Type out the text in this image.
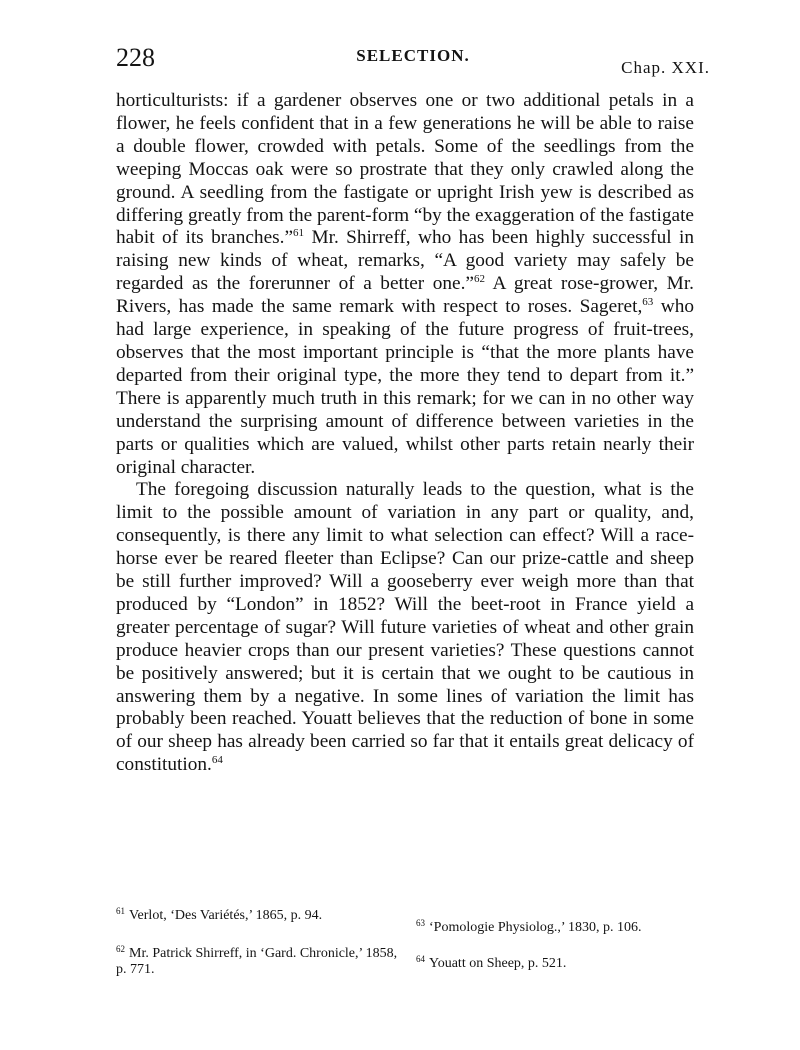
228	SELECTION.
Chap. XXI.

horticulturists: if a gardener observes one or two additional petals in a flower, he feels confident that in a few generations he will be able to raise a double flower, crowded with petals. Some of the seedlings from the weeping Moccas oak were so prostrate that they only crawled along the ground. A seedling from the fastigate or upright Irish yew is described as differing greatly from the parent-form “by the exaggeration of the fastigate habit of its branches.”$^{61}$ Mr. Shirreff, who has been highly successful in raising new kinds of wheat, remarks, “A good variety may safely be regarded as the forerunner of a better one.”$^{62}$ A great rose-grower, Mr. Rivers, has made the same remark with respect to roses. Sageret,$^{63}$ who had large experience, in speaking of the future progress of fruit-trees, observes that the most important principle is “that the more plants have departed from their original type, the more they tend to depart from it.” There is apparently much truth in this remark; for we can in no other way understand the surprising amount of difference between varieties in the parts or qualities which are valued, whilst other parts retain nearly their original character.

The foregoing discussion naturally leads to the question, what is the limit to the possible amount of variation in any part or quality, and, consequently, is there any limit to what selection can effect? Will a race-horse ever be reared fleeter than Eclipse? Can our prize-cattle and sheep be still further improved? Will a gooseberry ever weigh more than that produced by “London” in 1852? Will the beet-root in France yield a greater percentage of sugar? Will future varieties of wheat and other grain produce heavier crops than our present varieties? These questions cannot be positively answered; but it is certain that we ought to be cautious in answering them by a negative. In some lines of variation the limit has probably been reached. Youatt believes that the reduction of bone in some of our sheep has already been carried so far that it entails great delicacy of constitution.$^{64}$

$^{61}$ Verlot, ‘Des Variétés,’ 1865, p. 94.
$^{62}$ Mr. Patrick Shirreff, in ‘Gard. Chronicle,’ 1858, p. 771.
$^{63}$ ‘Pomologie Physiolog.,’ 1830, p. 106.
$^{64}$ Youatt on Sheep, p. 521.
